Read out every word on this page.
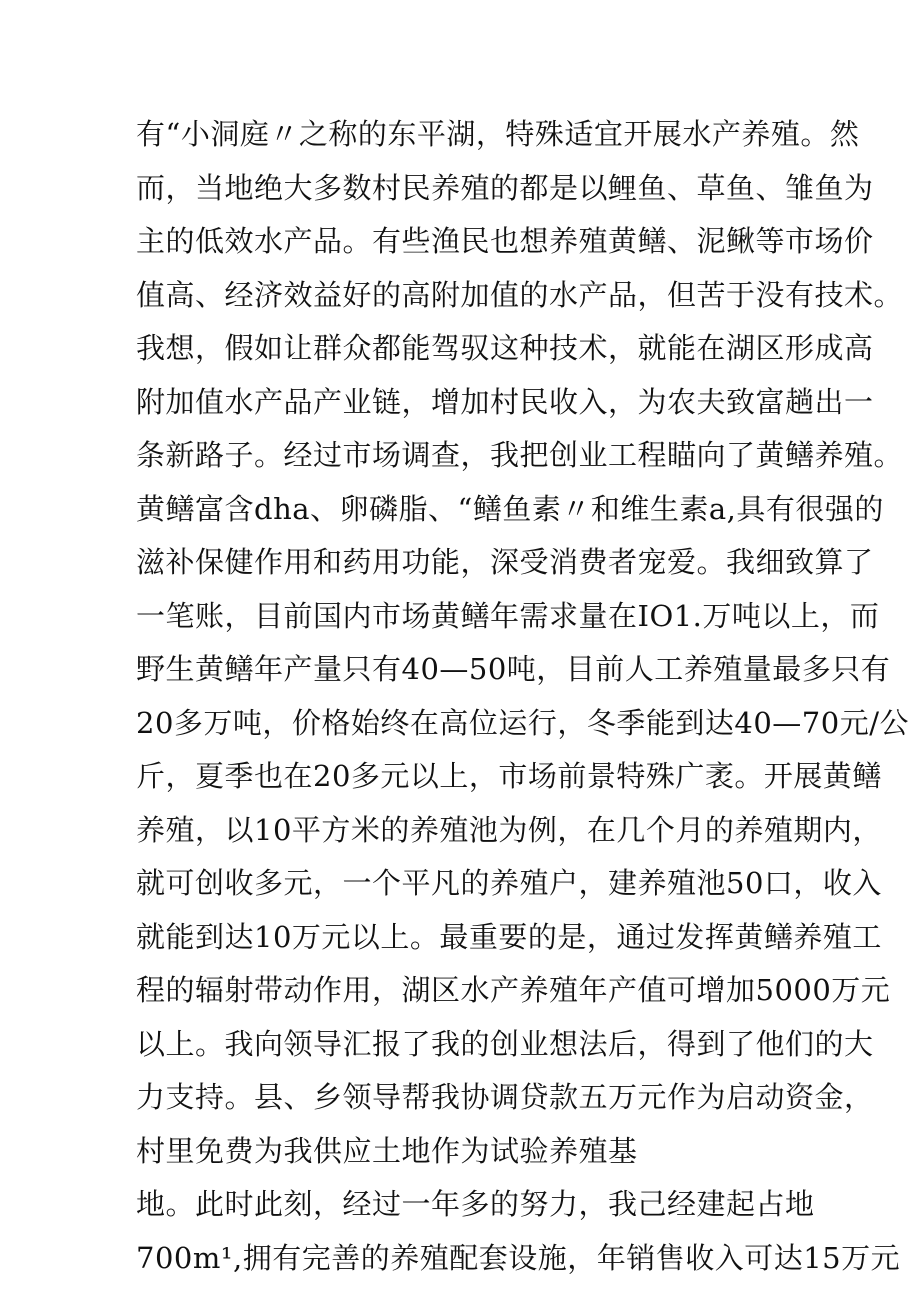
有“小洞庭〃之称的东平湖，特殊适宜开展水产养殖。然
而，当地绝大多数村民养殖的都是以鲤鱼、草鱼、雏鱼为
主的低效水产品。有些渔民也想养殖黄鳝、泥鳅等市场价
值高、经济效益好的高附加值的水产品，但苦于没有技术。
我想，假如让群众都能驾驭这种技术，就能在湖区形成高
附加值水产品产业链，增加村民收入，为农夫致富趟出一
条新路子。经过市场调查，我把创业工程瞄向了黄鳝养殖。
黄鳝富含dha、卵磷脂、“鳝鱼素〃和维生素a,具有很强的
滋补保健作用和药用功能，深受消费者宠爱。我细致算了
一笔账，目前国内市场黄鳝年需求量在IO1.万吨以上，而
野生黄鳝年产量只有40—50吨，目前人工养殖量最多只有
20多万吨，价格始终在高位运行，冬季能到达40—70元/公
斤，夏季也在20多元以上，市场前景特殊广袤。开展黄鳝
养殖，以10平方米的养殖池为例，在几个月的养殖期内，
就可创收多元，一个平凡的养殖户，建养殖池50口，收入
就能到达10万元以上。最重要的是，通过发挥黄鳝养殖工
程的辐射带动作用，湖区水产养殖年产值可增加5000万元
以上。我向领导汇报了我的创业想法后，得到了他们的大
力支持。县、乡领导帮我协调贷款五万元作为启动资金，
村里免费为我供应土地作为试验养殖基
地。此时此刻，经过一年多的努力，我己经建起占地
700m¹,拥有完善的养殖配套设施，年销售收入可达15万元
